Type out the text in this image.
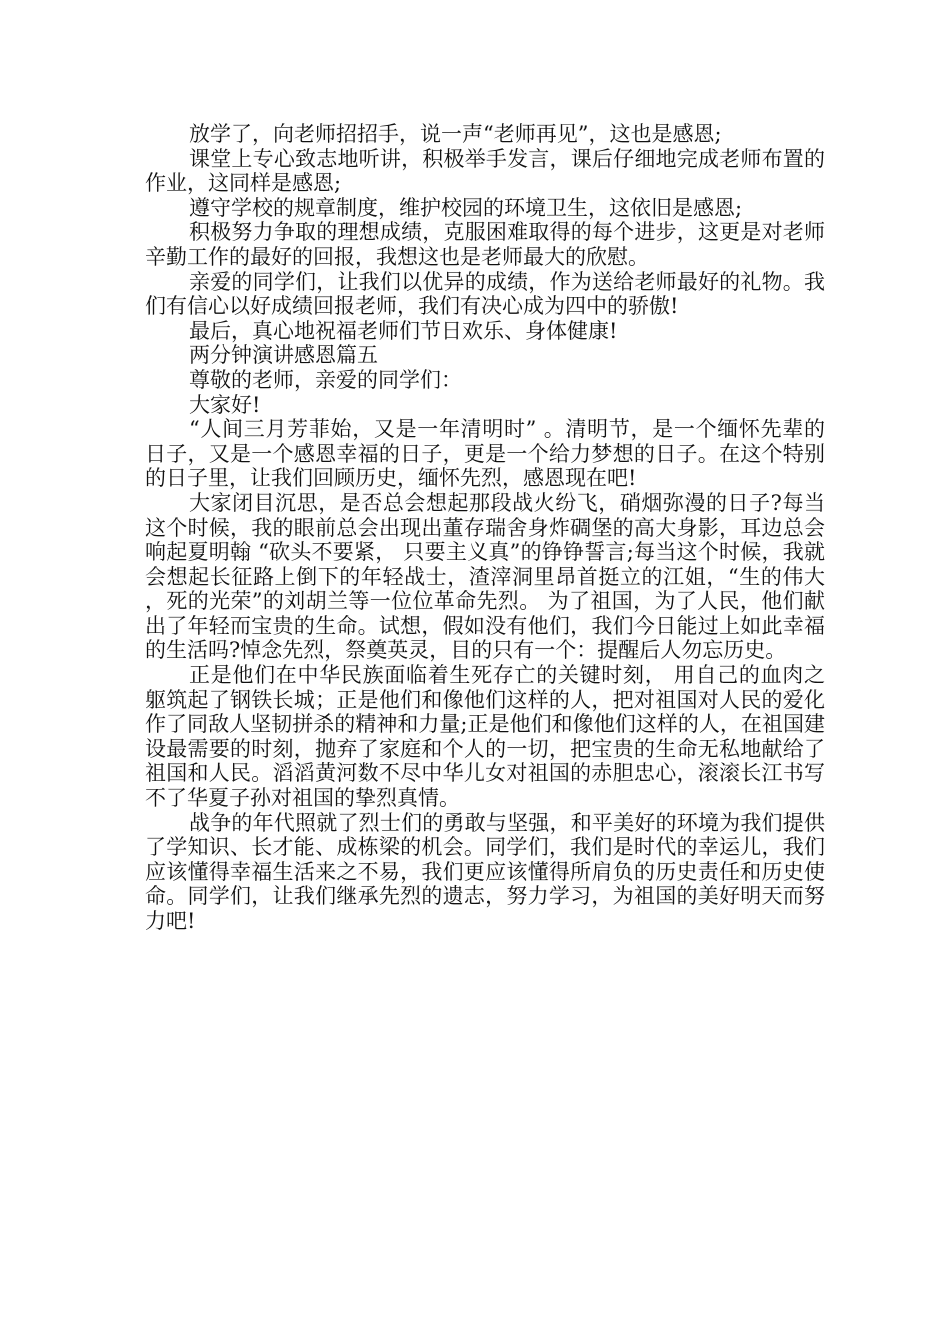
放学了，向老师招招手，说一声“老师再见”，这也是感恩;

课堂上专心致志地听讲，积极举手发言，课后仔细地完成老师布置的作业，这同样是感恩;

遵守学校的规章制度，维护校园的环境卫生，这依旧是感恩;

积极努力争取的理想成绩，克服困难取得的每个进步，这更是对老师辛勤工作的最好的回报，我想这也是老师最大的欣慰。

亲爱的同学们，让我们以优异的成绩，作为送给老师最好的礼物。我们有信心以好成绩回报老师，我们有决心成为四中的骄傲!

最后，真心地祝福老师们节日欢乐、身体健康!

两分钟演讲感恩篇五

尊敬的老师，亲爱的同学们：

大家好!

“人间三月芳菲始，又是一年清明时” 。清明节，是一个缅怀先辈的日子，又是一个感恩幸福的日子，更是一个给力梦想的日子。在这个特别的日子里，让我们回顾历史，缅怀先烈，感恩现在吧!

大家闭目沉思，是否总会想起那段战火纷飞，硝烟弥漫的日子?每当这个时候，我的眼前总会出现出董存瑞舍身炸碉堡的高大身影，耳边总会响起夏明翰 “砍头不要紧， 只要主义真”的铮铮誓言;每当这个时候，我就会想起长征路上倒下的年轻战士，渣滓洞里昂首挺立的江姐，“生的伟大，死的光荣”的刘胡兰等一位位革命先烈。 为了祖国，为了人民，他们献出了年轻而宝贵的生命。试想，假如没有他们，我们今日能过上如此幸福的生活吗?悼念先烈，祭奠英灵，目的只有一个：提醒后人勿忘历史。

正是他们在中华民族面临着生死存亡的关键时刻， 用自己的血肉之躯筑起了钢铁长城；正是他们和像他们这样的人，把对祖国对人民的爱化作了同敌人坚韧拼杀的精神和力量;正是他们和像他们这样的人，在祖国建设最需要的时刻，抛弃了家庭和个人的一切，把宝贵的生命无私地献给了祖国和人民。滔滔黄河数不尽中华儿女对祖国的赤胆忠心，滚滚长江书写不了华夏子孙对祖国的挚烈真情。

战争的年代照就了烈士们的勇敢与坚强，和平美好的环境为我们提供了学知识、长才能、成栋梁的机会。同学们，我们是时代的幸运儿，我们应该懂得幸福生活来之不易，我们更应该懂得所肩负的历史责任和历史使命。同学们，让我们继承先烈的遗志，努力学习，为祖国的美好明天而努力吧!
